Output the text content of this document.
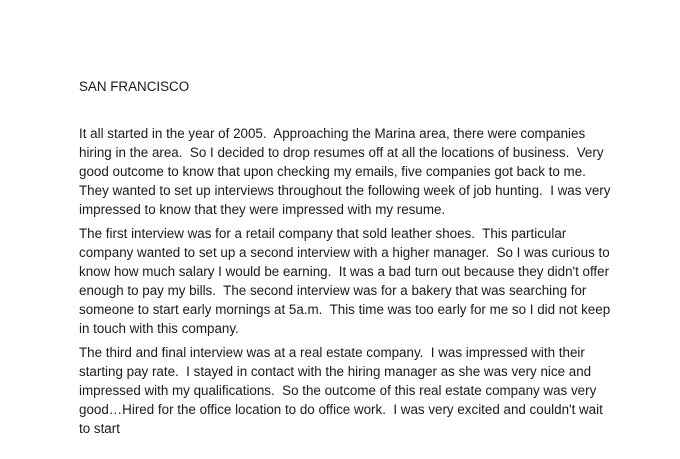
SAN FRANCISCO

It all started in the year of 2005.  Approaching the Marina area, there were companies hiring in the area.  So I decided to drop resumes off at all the locations of business.  Very good outcome to know that upon checking my emails, five companies got back to me.  They wanted to set up interviews throughout the following week of job hunting.  I was very impressed to know that they were impressed with my resume.

The first interview was for a retail company that sold leather shoes.  This particular company wanted to set up a second interview with a higher manager.  So I was curious to know how much salary I would be earning.  It was a bad turn out because they didn't offer enough to pay my bills.  The second interview was for a bakery that was searching for someone to start early mornings at 5a.m.  This time was too early for me so I did not keep in touch with this company.

The third and final interview was at a real estate company.  I was impressed with their starting pay rate.  I stayed in contact with the hiring manager as she was very nice and impressed with my qualifications.  So the outcome of this real estate company was very good…Hired for the office location to do office work.  I was very excited and couldn't wait to start
